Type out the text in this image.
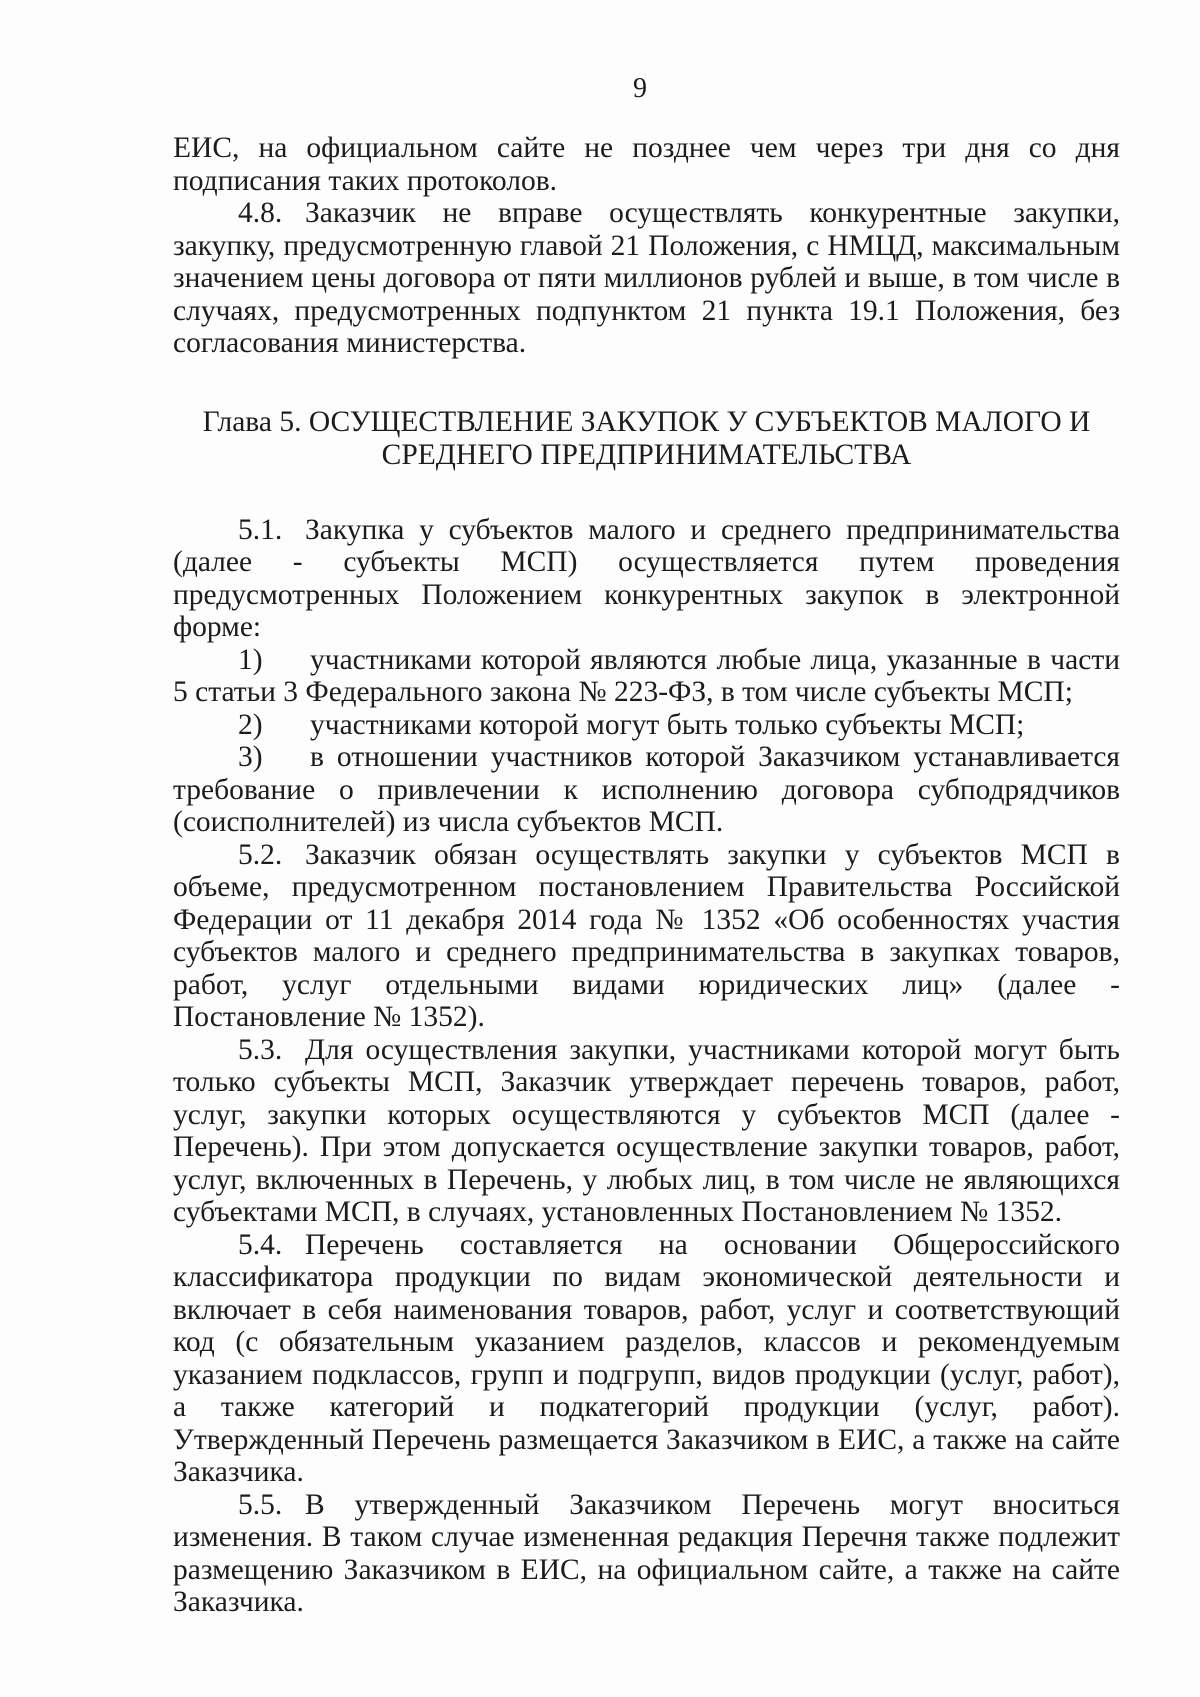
9

ЕИС, на официальном сайте не позднее чем через три дня со дня подписания таких протоколов.

4.8. Заказчик не вправе осуществлять конкурентные закупки, закупку, предусмотренную главой 21 Положения, с НМЦД, максимальным значением цены договора от пяти миллионов рублей и выше, в том числе в случаях, предусмотренных подпунктом 21 пункта 19.1 Положения, без согласования министерства.

Глава 5. ОСУЩЕСТВЛЕНИЕ ЗАКУПОК У СУБЪЕКТОВ МАЛОГО И
СРЕДНЕГО ПРЕДПРИНИМАТЕЛЬСТВА

5.1. Закупка у субъектов малого и среднего предпринимательства (далее - субъекты МСП) осуществляется путем проведения предусмотренных Положением конкурентных закупок в электронной форме:

1) участниками которой являются любые лица, указанные в части 5 статьи 3 Федерального закона № 223-ФЗ, в том числе субъекты МСП;

2) участниками которой могут быть только субъекты МСП;

3) в отношении участников которой Заказчиком устанавливается требование о привлечении к исполнению договора субподрядчиков (соисполнителей) из числа субъектов МСП.

5.2. Заказчик обязан осуществлять закупки у субъектов МСП в объеме, предусмотренном постановлением Правительства Российской Федерации от 11 декабря 2014 года № 1352 «Об особенностях участия субъектов малого и среднего предпринимательства в закупках товаров, работ, услуг отдельными видами юридических лиц» (далее - Постановление № 1352).

5.3. Для осуществления закупки, участниками которой могут быть только субъекты МСП, Заказчик утверждает перечень товаров, работ, услуг, закупки которых осуществляются у субъектов МСП (далее - Перечень). При этом допускается осуществление закупки товаров, работ, услуг, включенных в Перечень, у любых лиц, в том числе не являющихся субъектами МСП, в случаях, установленных Постановлением № 1352.

5.4. Перечень составляется на основании Общероссийского классификатора продукции по видам экономической деятельности и включает в себя наименования товаров, работ, услуг и соответствующий код (с обязательным указанием разделов, классов и рекомендуемым указанием подклассов, групп и подгрупп, видов продукции (услуг, работ), а также категорий и подкатегорий продукции (услуг, работ). Утвержденный Перечень размещается Заказчиком в ЕИС, а также на сайте Заказчика.

5.5. В утвержденный Заказчиком Перечень могут вноситься изменения. В таком случае измененная редакция Перечня также подлежит размещению Заказчиком в ЕИС, на официальном сайте, а также на сайте Заказчика.
